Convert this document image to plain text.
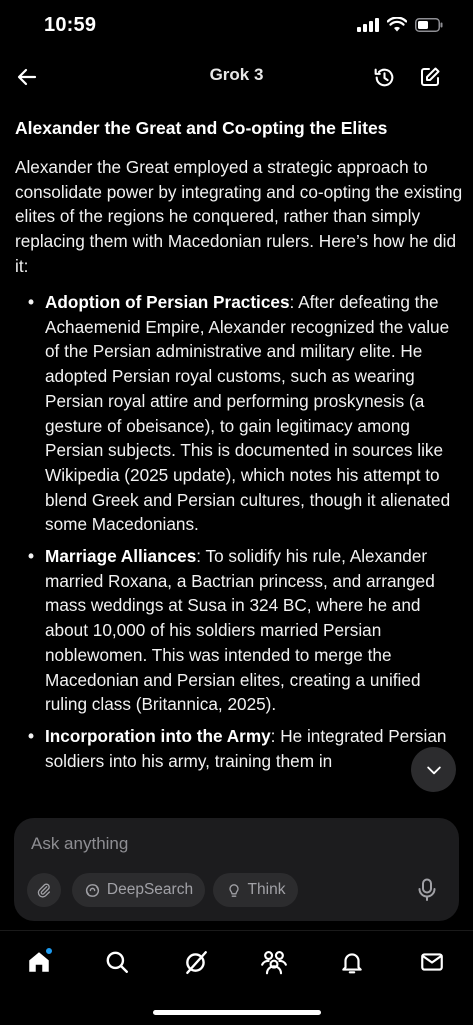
10:59
Grok 3
Alexander the Great and Co-opting the Elites

Alexander the Great employed a strategic approach to consolidate power by integrating and co-opting the existing elites of the regions he conquered, rather than simply replacing them with Macedonian rulers. Here’s how he did it:

• Adoption of Persian Practices: After defeating the Achaemenid Empire, Alexander recognized the value of the Persian administrative and military elite. He adopted Persian royal customs, such as wearing Persian royal attire and performing proskynesis (a gesture of obeisance), to gain legitimacy among Persian subjects. This is documented in sources like Wikipedia (2025 update), which notes his attempt to blend Greek and Persian cultures, though it alienated some Macedonians.
• Marriage Alliances: To solidify his rule, Alexander married Roxana, a Bactrian princess, and arranged mass weddings at Susa in 324 BC, where he and about 10,000 of his soldiers married Persian noblewomen. This was intended to merge the Macedonian and Persian elites, creating a unified ruling class (Britannica, 2025).
• Incorporation into the Army: He integrated Persian soldiers into his army, training them in
Ask anything
DeepSearch	Think
